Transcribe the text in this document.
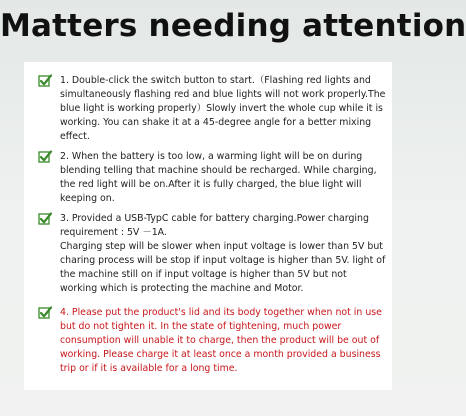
Matters needing attention
1. Double-click the switch button to start.（Flashing red lights and simultaneously flashing red and blue lights will not work properly.The blue light is working properly）Slowly invert the whole cup while it is working. You can shake it at a 45-degree angle for a better mixing effect.
2. When the battery is too low, a warming light will be on during blending telling that machine should be recharged. While charging, the red light will be on.After it is fully charged, the blue light will keeping on.
3. Provided a USB-TypC cable for battery charging.Power charging requirement : 5V －1A.
Charging step will be slower when input voltage is lower than 5V but charing process will be stop if input voltage is higher than 5V. light of the machine still on if input voltage is higher than 5V but not working which is protecting the machine and Motor.
4. Please put the product's lid and its body together when not in use but do not tighten it. In the state of tightening, much power consumption will unable it to charge, then the product will be out of working. Please charge it at least once a month provided a business trip or if it is available for a long time.
